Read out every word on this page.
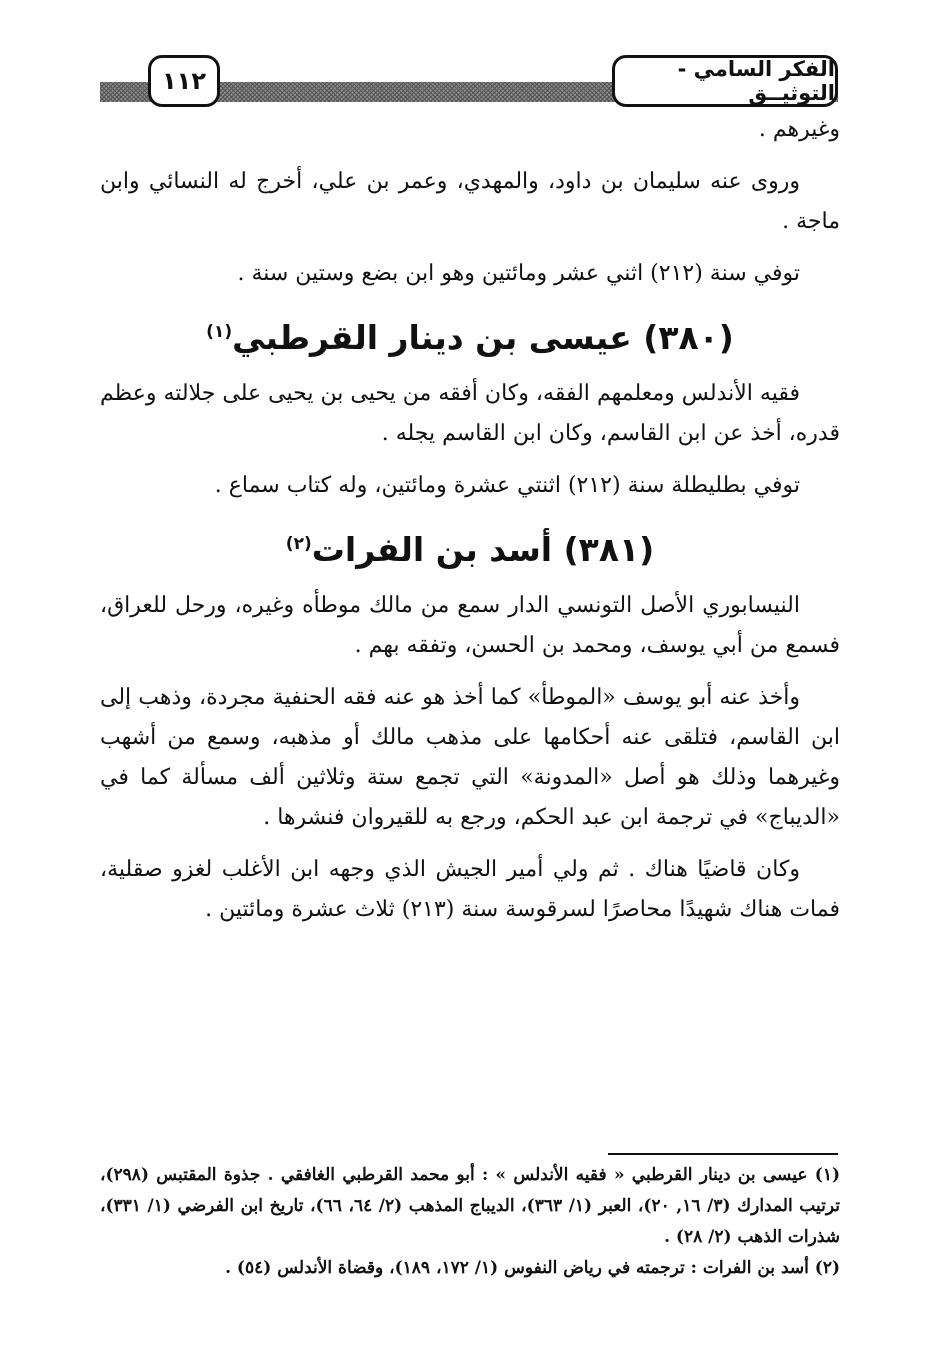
الفكر السامي - التوثيــق
١١٢

وغيرهم .

وروى عنه سليمان بن داود، والمهدي، وعمر بن علي، أخرج له النسائي وابن ماجة .

توفي سنة (٢١٢) اثني عشر ومائتين وهو ابن بضع وستين سنة .

(٣٨٠) عيسى بن دينار القرطبي$^{(١)}$

فقيه الأندلس ومعلمهم الفقه، وكان أفقه من يحيى بن يحيى على جلالته وعظم قدره، أخذ عن ابن القاسم، وكان ابن القاسم يجله .

توفي بطليطلة سنة (٢١٢) اثنتي عشرة ومائتين، وله كتاب سماع .

(٣٨١) أسد بن الفرات$^{(٢)}$

النيسابوري الأصل التونسي الدار سمع من مالك موطأه وغيره، ورحل للعراق، فسمع من أبي يوسف، ومحمد بن الحسن، وتفقه بهم .

وأخذ عنه أبو يوسف «الموطأ» كما أخذ هو عنه فقه الحنفية مجردة، وذهب إلى ابن القاسم، فتلقى عنه أحكامها على مذهب مالك أو مذهبه، وسمع من أشهب وغيرهما وذلك هو أصل «المدونة» التي تجمع ستة وثلاثين ألف مسألة كما في «الديباج» في ترجمة ابن عبد الحكم، ورجع به للقيروان فنشرها .

وكان قاضيًا هناك . ثم ولي أمير الجيش الذي وجهه ابن الأغلب لغزو صقلية، فمات هناك شهيدًا محاصرًا لسرقوسة سنة (٢١٣) ثلاث عشرة ومائتين .

(١) عيسى بن دينار القرطبي « فقيه الأندلس » : أبو محمد القرطبي الغافقي . جذوة المقتبس (٢٩٨)، ترتيب المدارك (٣/ ١٦, ٢٠)، العبر (١/ ٣٦٣)، الديباج المذهب (٢/ ٦٤، ٦٦)، تاريخ ابن الفرضي (١/ ٣٣١)، شذرات الذهب (٢/ ٢٨) .

(٢) أسد بن الفرات : ترجمته في رياض النفوس (١/ ١٧٢، ١٨٩)، وقضاة الأندلس (٥٤) .
